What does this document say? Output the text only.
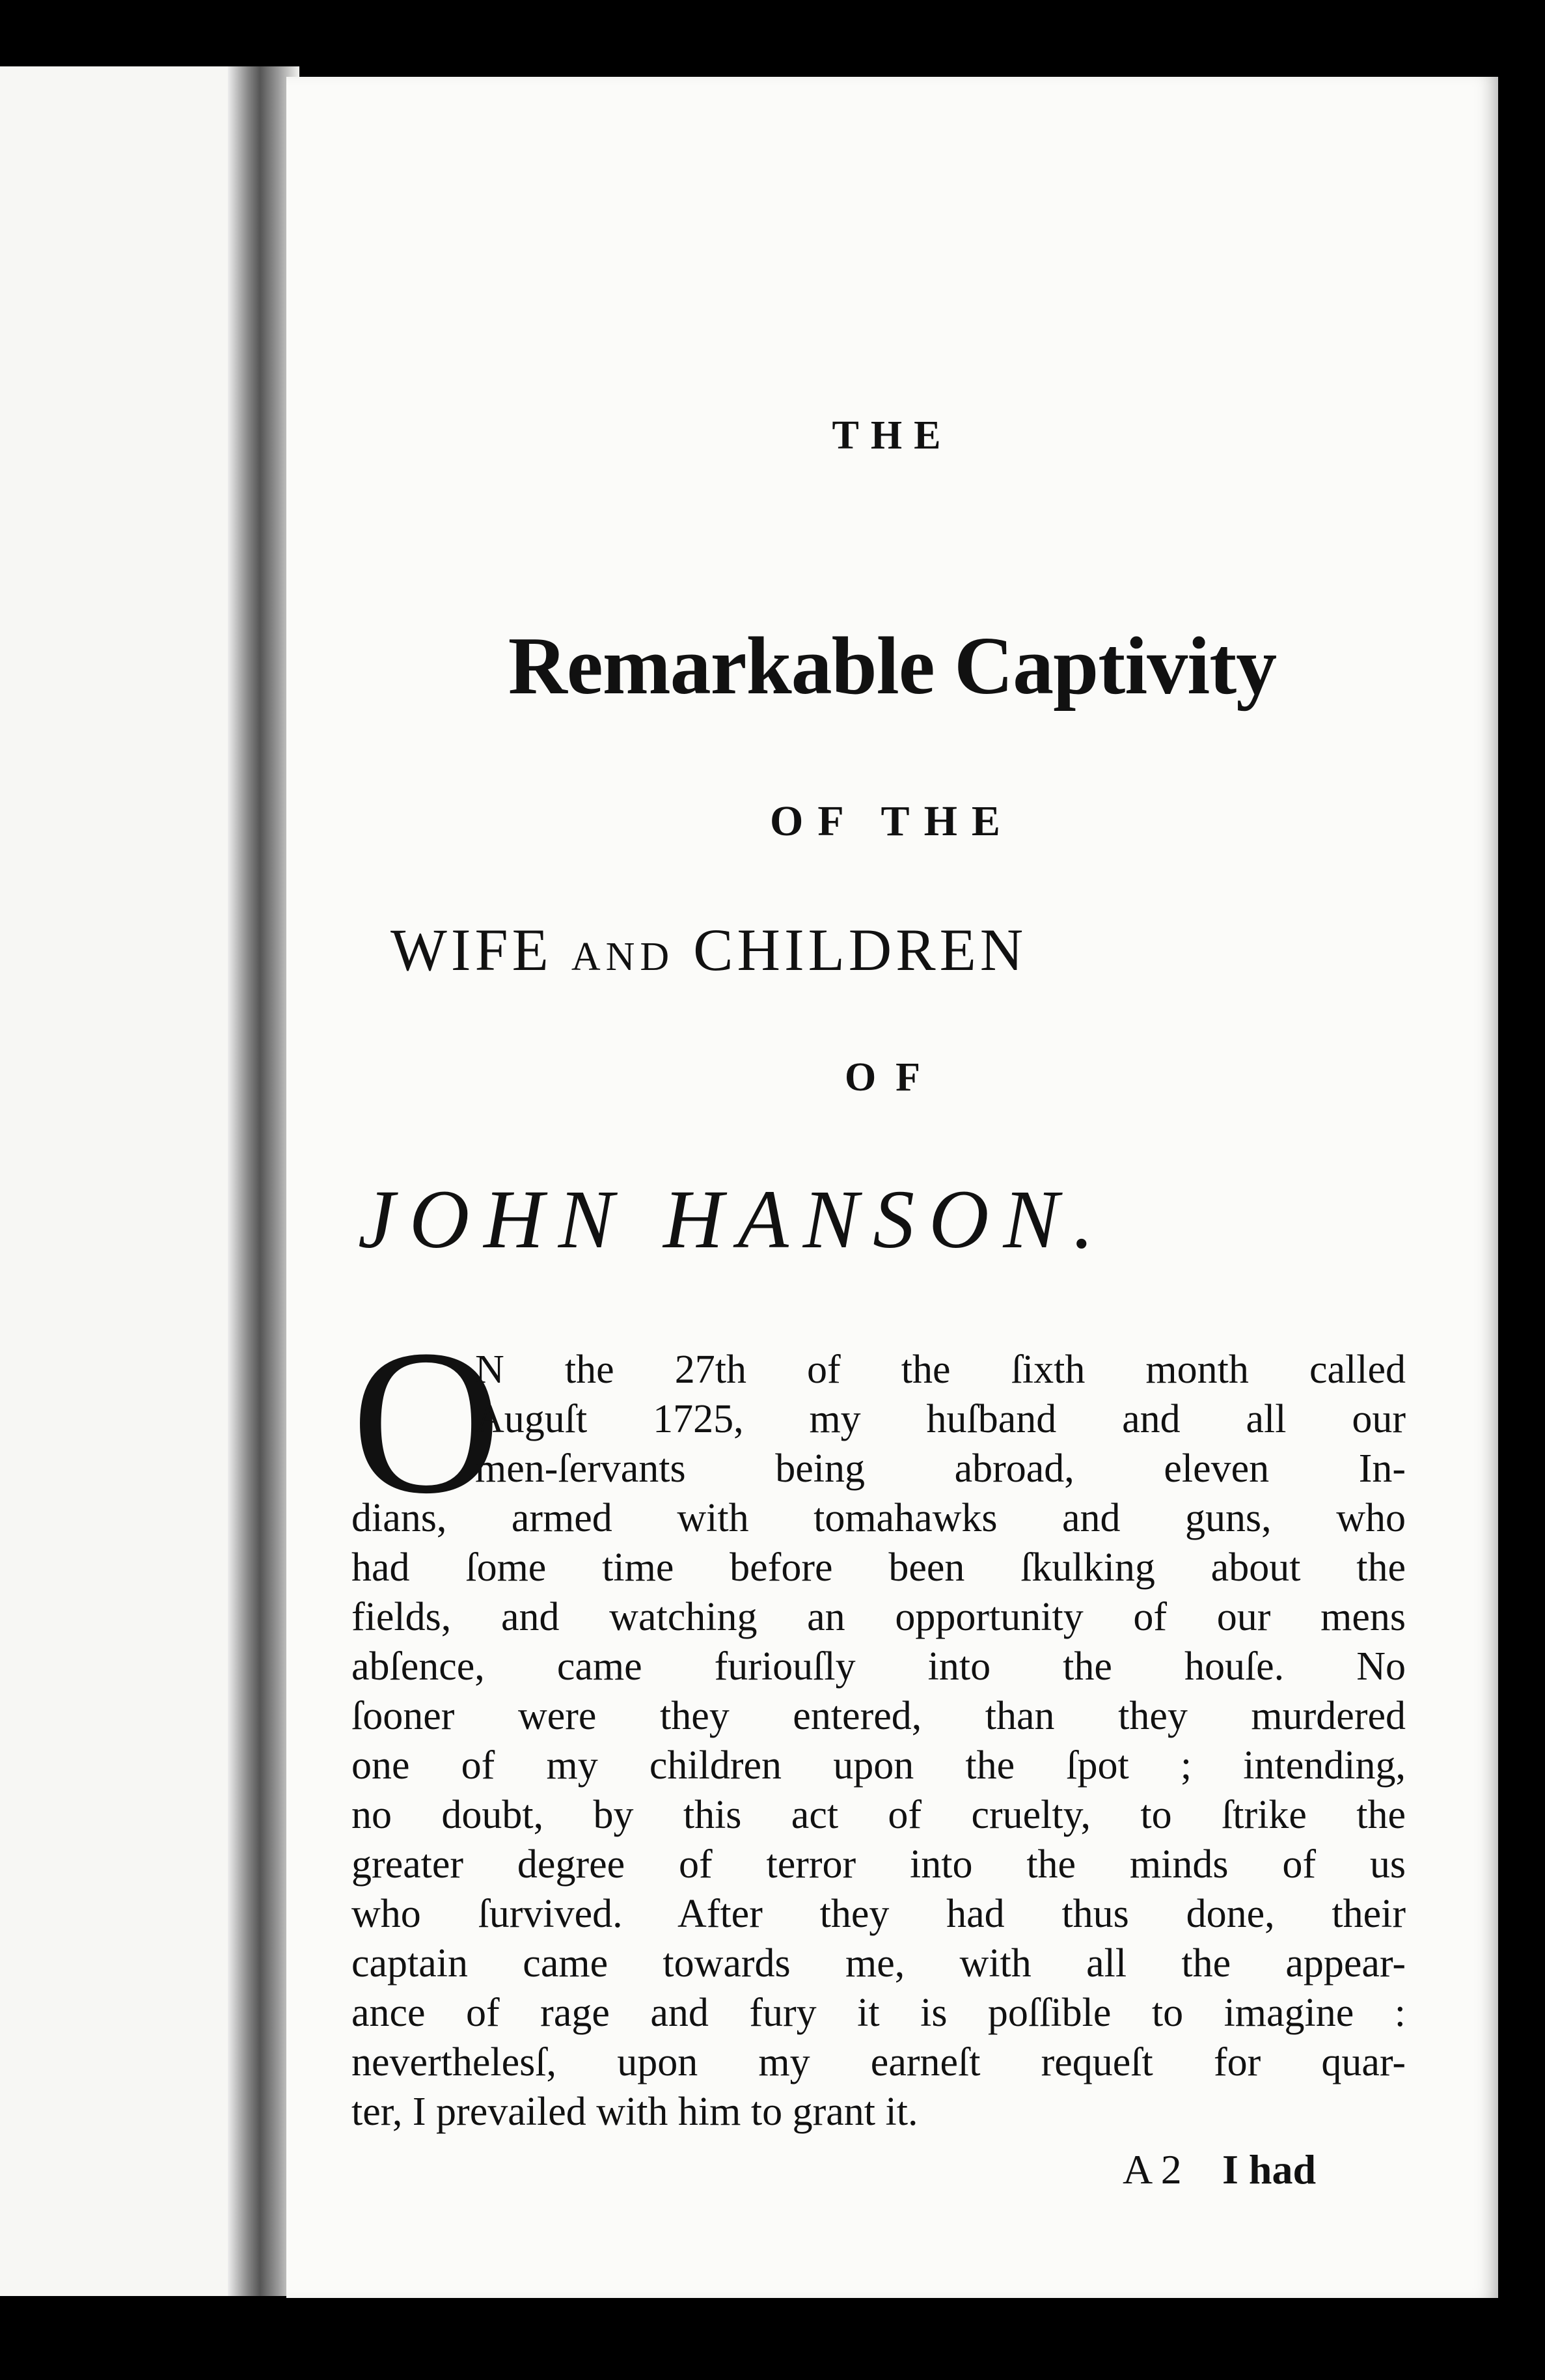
THE
Remarkable Captivity
OF THE
WIFE AND CHILDREN
OF
JOHN HANSON.
O
N the 27th of the ſixth month called
Auguſt 1725, my huſband and all our
men-ſervants being abroad, eleven In-
dians, armed with tomahawks and guns, who
had ſome time before been ſkulking about the
fields, and watching an opportunity of our mens
abſence, came furiouſly into the houſe. No
ſooner were they entered, than they murdered
one of my children upon the ſpot ; intending,
no doubt, by this act of cruelty, to ſtrike the
greater degree of terror into the minds of us
who ſurvived. After they had thus done, their
captain came towards me, with all the appear-
ance of rage and fury it is poſſible to imagine :
neverthelesſ, upon my earneſt requeſt for quar-
ter, I prevailed with him to grant it.
A 2 I had
